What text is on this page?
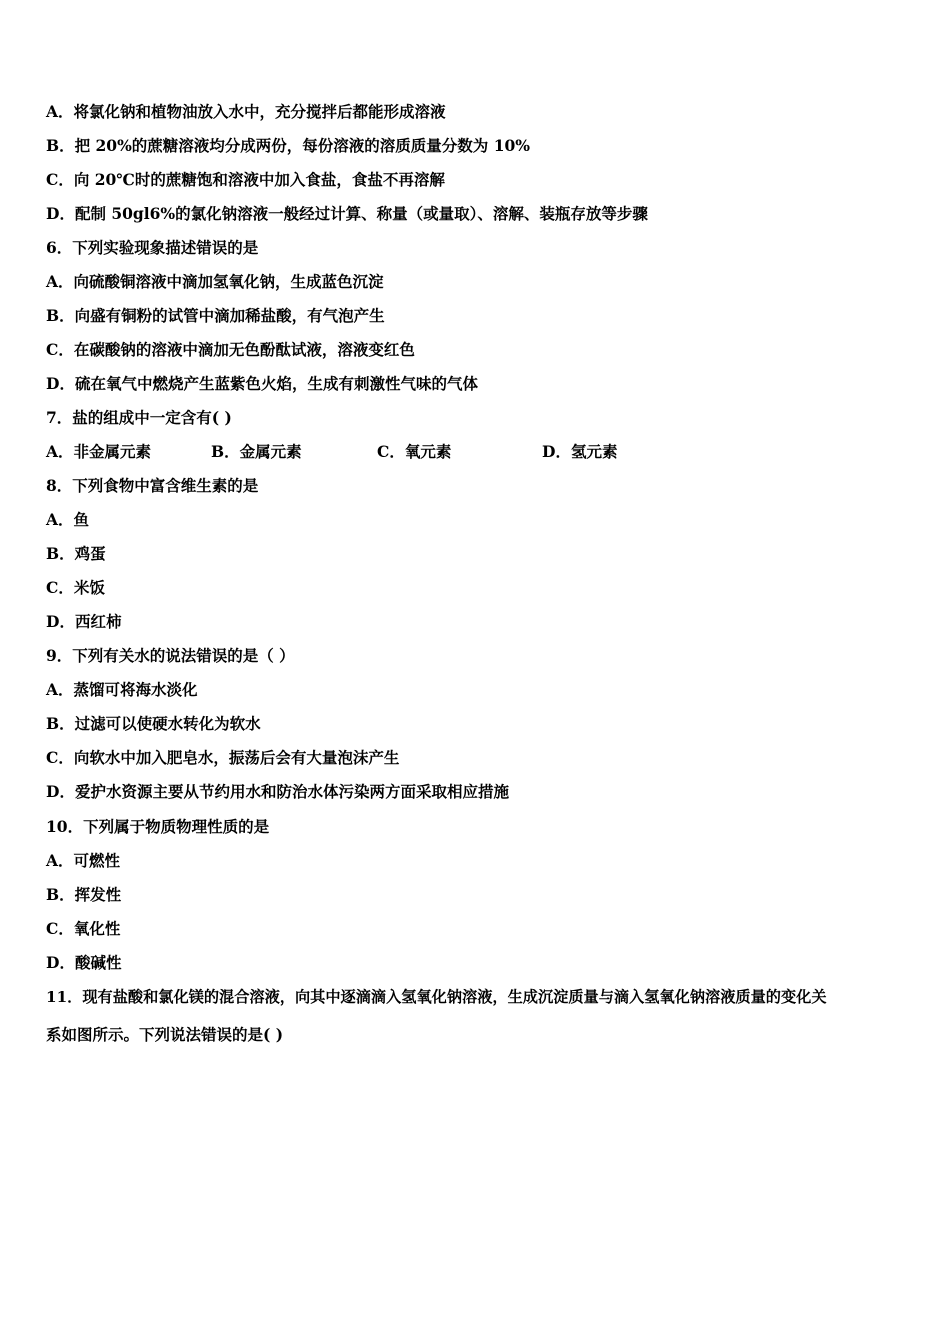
A．将氯化钠和植物油放入水中，充分搅拌后都能形成溶液
B．把 20%的蔗糖溶液均分成两份，每份溶液的溶质质量分数为 10%
C．向 20℃时的蔗糖饱和溶液中加入食盐，食盐不再溶解
D．配制 50gl6%的氯化钠溶液一般经过计算、称量（或量取）、溶解、装瓶存放等步骤
6．下列实验现象描述错误的是
A．向硫酸铜溶液中滴加氢氧化钠，生成蓝色沉淀
B．向盛有铜粉的试管中滴加稀盐酸，有气泡产生
C．在碳酸钠的溶液中滴加无色酚酞试液，溶液变红色
D．硫在氧气中燃烧产生蓝紫色火焰，生成有刺激性气味的气体
7．盐的组成中一定含有( )
A．非金属元素	B．金属元素	C．氧元素	D．氢元素
8．下列食物中富含维生素的是
A．鱼
B．鸡蛋
C．米饭
D．西红柿
9．下列有关水的说法错误的是（ ）
A．蒸馏可将海水淡化
B．过滤可以使硬水转化为软水
C．向软水中加入肥皂水，振荡后会有大量泡沫产生
D．爱护水资源主要从节约用水和防治水体污染两方面采取相应措施
10．下列属于物质物理性质的是
A．可燃性
B．挥发性
C．氧化性
D．酸碱性
11．现有盐酸和氯化镁的混合溶液，向其中逐滴滴入氢氧化钠溶液，生成沉淀质量与滴入氢氧化钠溶液质量的变化关
系如图所示。下列说法错误的是( )
